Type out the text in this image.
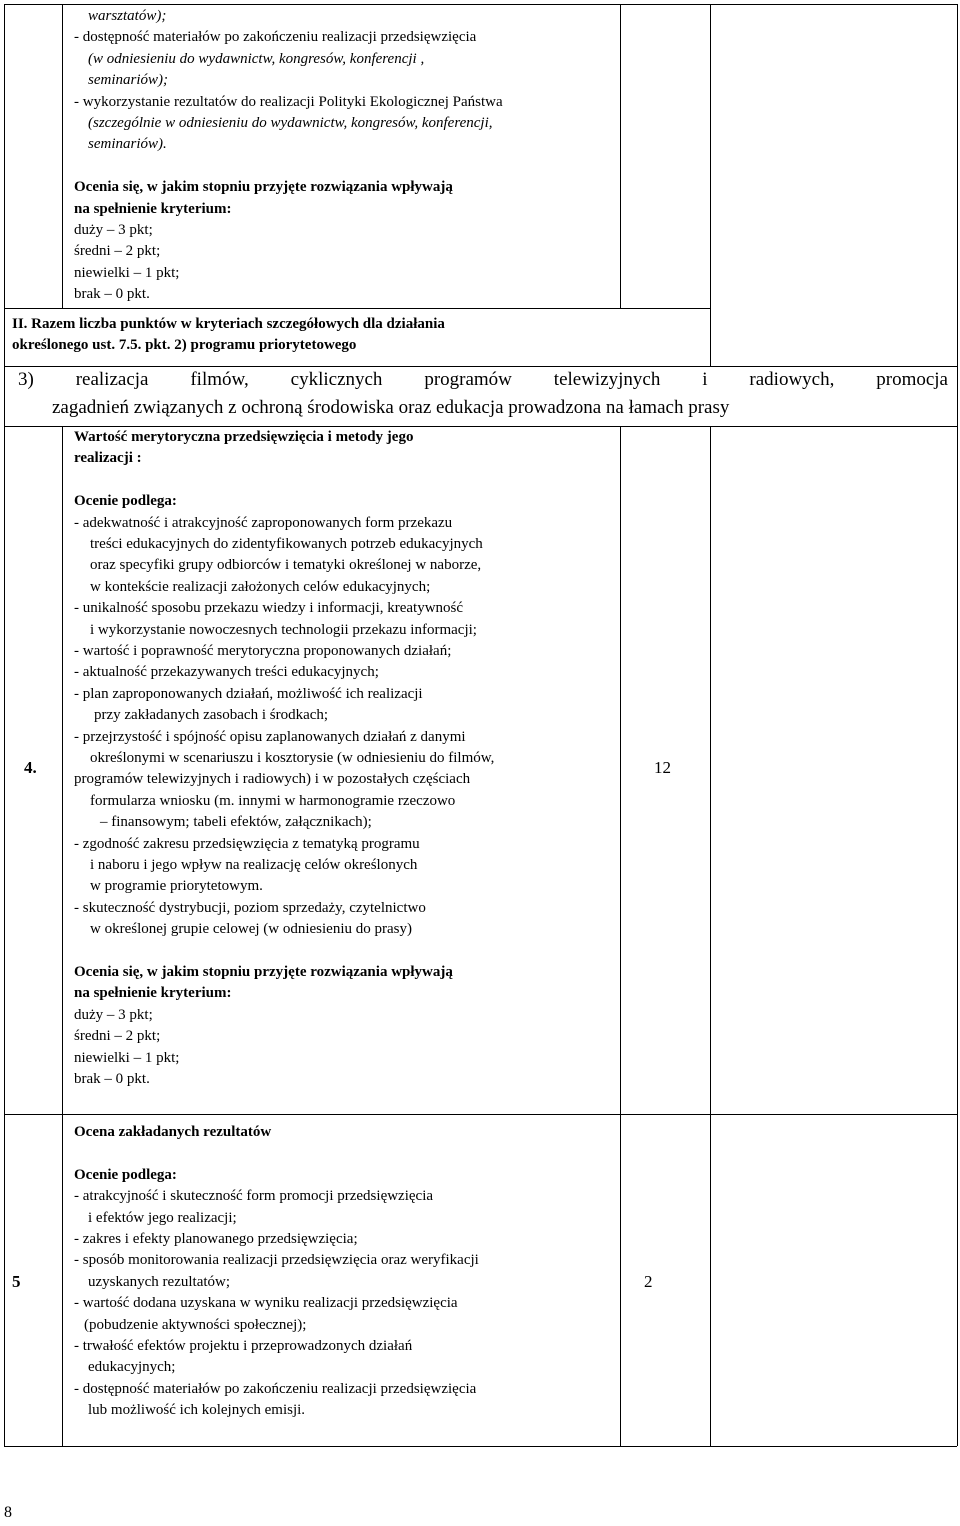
warsztatów);
- dostępność materiałów po zakończeniu realizacji przedsięwzięcia
(w odniesieniu do wydawnictw, kongresów, konferencji ,
seminariów);
- wykorzystanie rezultatów do realizacji Polityki Ekologicznej Państwa
(szczególnie w odniesieniu do wydawnictw, kongresów, konferencji,
seminariów).
Ocenia się, w jakim stopniu przyjęte rozwiązania wpływają
na spełnienie kryterium:
duży – 3 pkt;
średni – 2 pkt;
niewielki – 1 pkt;
brak – 0 pkt.
II. Razem liczba punktów w kryteriach szczegółowych dla działania
określonego ust. 7.5. pkt. 2) programu priorytetowego
3) realizacja filmów, cyklicznych programów telewizyjnych i radiowych, promocja
zagadnień związanych z ochroną środowiska oraz edukacja prowadzona na łamach prasy
4.
Wartość merytoryczna przedsięwzięcia i metody jego
realizacji :
Ocenie podlega:
- adekwatność i atrakcyjność zaproponowanych form przekazu
treści edukacyjnych do zidentyfikowanych potrzeb edukacyjnych
oraz specyfiki grupy odbiorców i tematyki określonej w naborze,
w kontekście realizacji założonych celów edukacyjnych;
- unikalność sposobu przekazu wiedzy i informacji, kreatywność
i wykorzystanie nowoczesnych technologii przekazu informacji;
- wartość i poprawność merytoryczna proponowanych działań;
- aktualność przekazywanych treści edukacyjnych;
- plan zaproponowanych działań, możliwość ich realizacji
przy zakładanych zasobach i środkach;
- przejrzystość i spójność opisu zaplanowanych działań z danymi
określonymi w scenariuszu i kosztorysie (w odniesieniu do filmów,
programów telewizyjnych i radiowych) i w pozostałych częściach
formularza wniosku (m. innymi w harmonogramie rzeczowo
– finansowym; tabeli efektów, załącznikach);
- zgodność zakresu przedsięwzięcia z tematyką programu
i naboru i jego wpływ na realizację celów określonych
w programie priorytetowym.
- skuteczność dystrybucji, poziom sprzedaży, czytelnictwo
w określonej grupie celowej (w odniesieniu do prasy)
Ocenia się, w jakim stopniu przyjęte rozwiązania wpływają
na spełnienie kryterium:
duży – 3 pkt;
średni – 2 pkt;
niewielki – 1 pkt;
brak – 0 pkt.
12
5
Ocena zakładanych rezultatów
Ocenie podlega:
- atrakcyjność i skuteczność form promocji przedsięwzięcia
i efektów jego realizacji;
- zakres i efekty planowanego przedsięwzięcia;
- sposób monitorowania realizacji przedsięwzięcia oraz weryfikacji
uzyskanych rezultatów;
- wartość dodana uzyskana w wyniku realizacji przedsięwzięcia
(pobudzenie aktywności społecznej);
- trwałość efektów projektu i przeprowadzonych działań
edukacyjnych;
- dostępność materiałów po zakończeniu realizacji przedsięwzięcia
lub możliwość ich kolejnych emisji.
2
8
